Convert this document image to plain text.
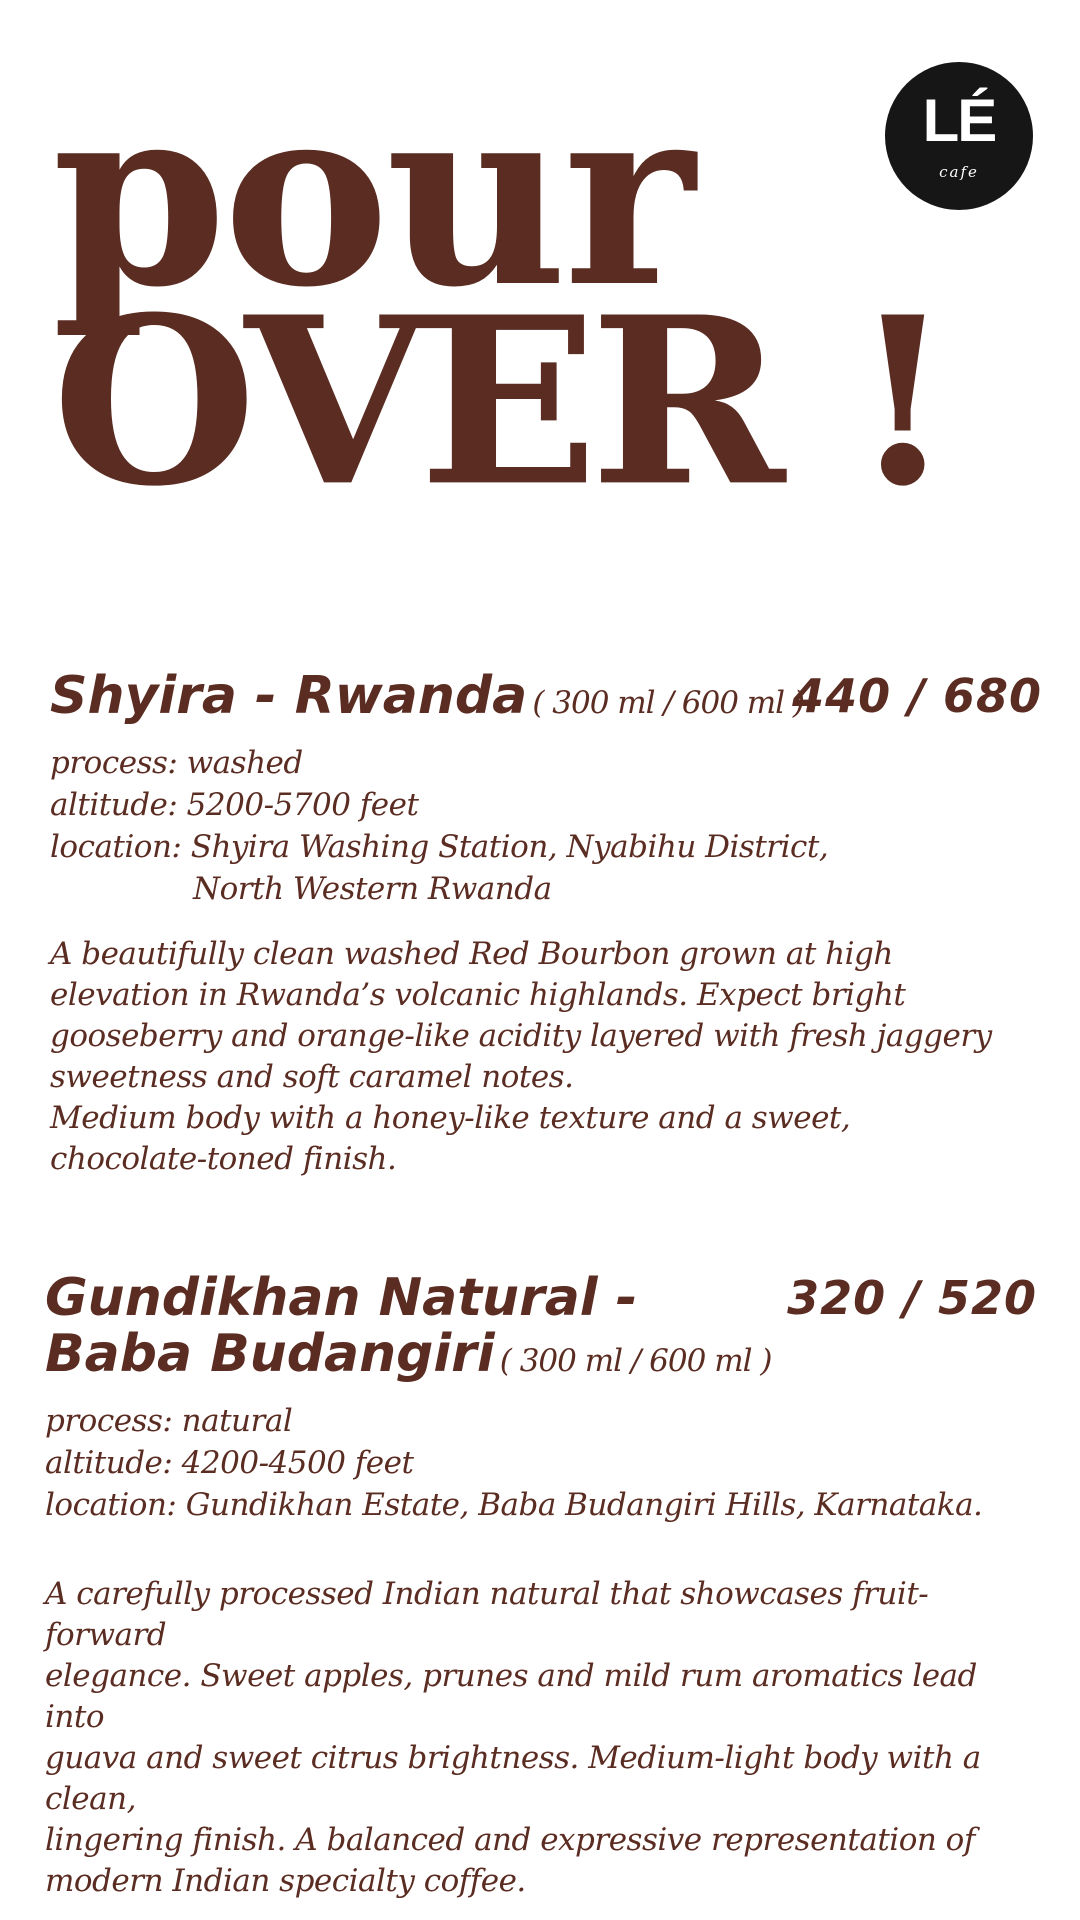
pour
OVER !
LÉ
cafe
Shyira - Rwanda ( 300 ml / 600 ml )
440 / 680
process: washed
altitude: 5200-5700 feet
location: Shyira Washing Station, Nyabihu District,
North Western Rwanda
A beautifully clean washed Red Bourbon grown at high
elevation in Rwanda’s volcanic highlands. Expect bright
gooseberry and orange-like acidity layered with fresh jaggery
sweetness and soft caramel notes.
Medium body with a honey-like texture and a sweet,
chocolate-toned finish.
Gundikhan Natural -
Baba Budangiri ( 300 ml / 600 ml )
320 / 520
process: natural
altitude: 4200-4500 feet
location: Gundikhan Estate, Baba Budangiri Hills, Karnataka.
A carefully processed Indian natural that showcases fruit-forward
elegance. Sweet apples, prunes and mild rum aromatics lead into
guava and sweet citrus brightness. Medium-light body with a clean,
lingering finish. A balanced and expressive representation of
modern Indian specialty coffee.
